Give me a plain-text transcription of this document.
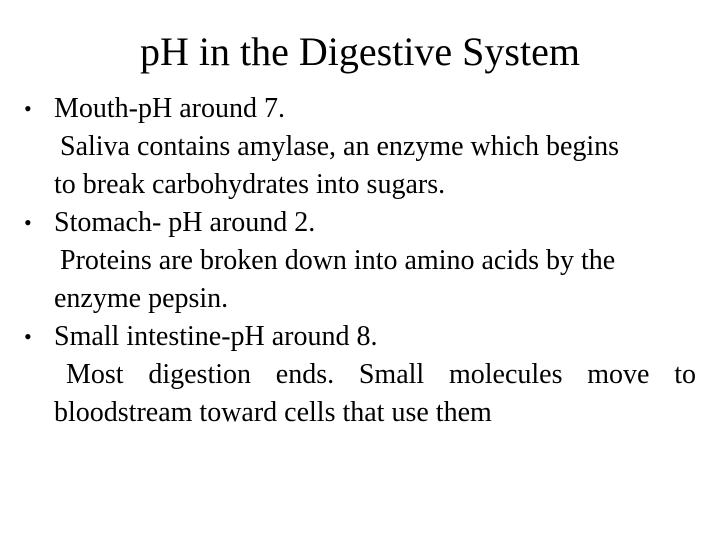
pH in the Digestive System
• Mouth-pH around 7.
Saliva contains amylase, an enzyme which begins
to break carbohydrates into sugars.
• Stomach- pH around 2.
Proteins are broken down into amino acids by the
enzyme pepsin.
• Small intestine-pH around 8.
Most digestion ends. Small molecules move to
bloodstream toward cells that use them
